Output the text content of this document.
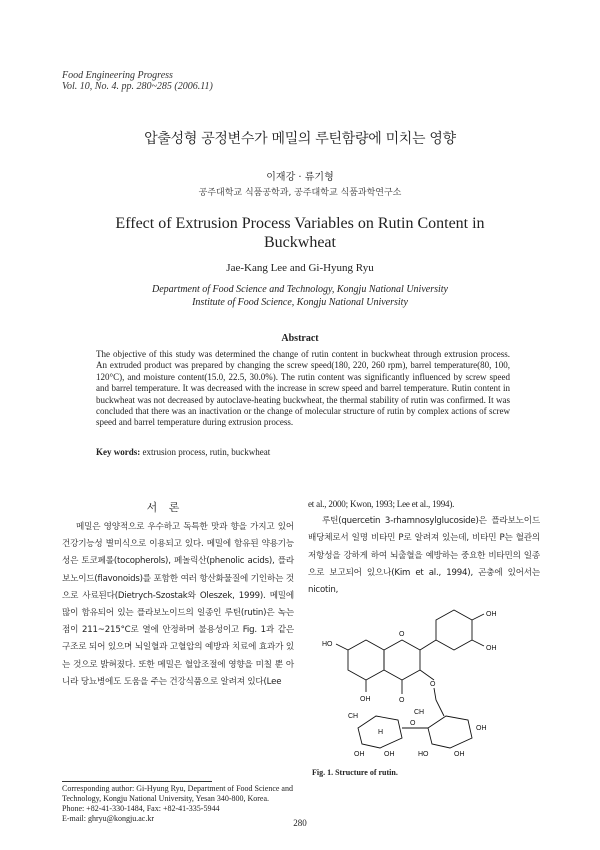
Food Engineering Progress
Vol. 10, No. 4. pp. 280~285 (2006.11)
압출성형 공정변수가 메밀의 루틴함량에 미치는 영향
이재강 · 류기형
공주대학교 식품공학과, 공주대학교 식품과학연구소
Effect of Extrusion Process Variables on Rutin Content in Buckwheat
Jae-Kang Lee and Gi-Hyung Ryu
Department of Food Science and Technology, Kongju National University
Institute of Food Science, Kongju National University
Abstract
The objective of this study was determined the change of rutin content in buckwheat through extrusion process. An extruded product was prepared by changing the screw speed(180, 220, 260 rpm), barrel temperature(80, 100, 120°C), and moisture content(15.0, 22.5, 30.0%). The rutin content was significantly influenced by screw speed and barrel temperature. It was decreased with the increase in screw speed and barrel temperature. Rutin content in buckwheat was not decreased by autoclave-heating buckwheat, the thermal stability of rutin was confirmed. It was concluded that there was an inactivation or the change of molecular structure of rutin by complex actions of screw speed and barrel temperature during extrusion process.
Key words: extrusion process, rutin, buckwheat
서 론
메밀은 영양적으로 우수하고 독특한 맛과 향을 가지고 있어 건강기능성 별미식으로 이용되고 있다. 메밀에 함유된 약용기능성은 토코페롤(tocopherols), 페놀릭산(phenolic acids), 플라보노이드(flavonoids)를 포함한 여러 항산화물질에 기인하는 것으로 사료된다(Dietrych-Szostak와 Oleszek, 1999). 메밀에 많이 함유되어 있는 플라보노이드의 일종인 루틴(rutin)은 녹는점이 211~215°C로 열에 안정하며 불용성이고 Fig. 1과 같은 구조로 되어 있으며 뇌일혈과 고혈압의 예방과 치료에 효과가 있는 것으로 밝혀졌다. 또한 메밀은 혈압조절에 영향을 미칠 뿐 아니라 당뇨병에도 도움을 주는 건강식품으로 알려져 있다(Lee
et al., 2000; Kwon, 1993; Lee et al., 1994).
루틴(quercetin 3-rhamnosylglucoside)은 플라보노이드 배당체로서 일명 비타민 P로 알려져 있는데, 비타민 P는 혈관의 저항성을 강하게 하여 뇌출혈을 예방하는 중요한 비타민의 일종으로 보고되어 있으나(Kim et al., 1994), 곤충에 있어서는 nicotin,
OH
OH
HO
OH
O
O
O
O
CH
CH
OH	OH	HO	OH
OH
H
Fig. 1. Structure of rutin.
Corresponding author: Gi-Hyung Ryu, Department of Food Science and Technology, Kongju National University, Yesan 340-800, Korea.
Phone: +82-41-330-1484, Fax: +82-41-335-5944
E-mail: ghryu@kongju.ac.kr	280
